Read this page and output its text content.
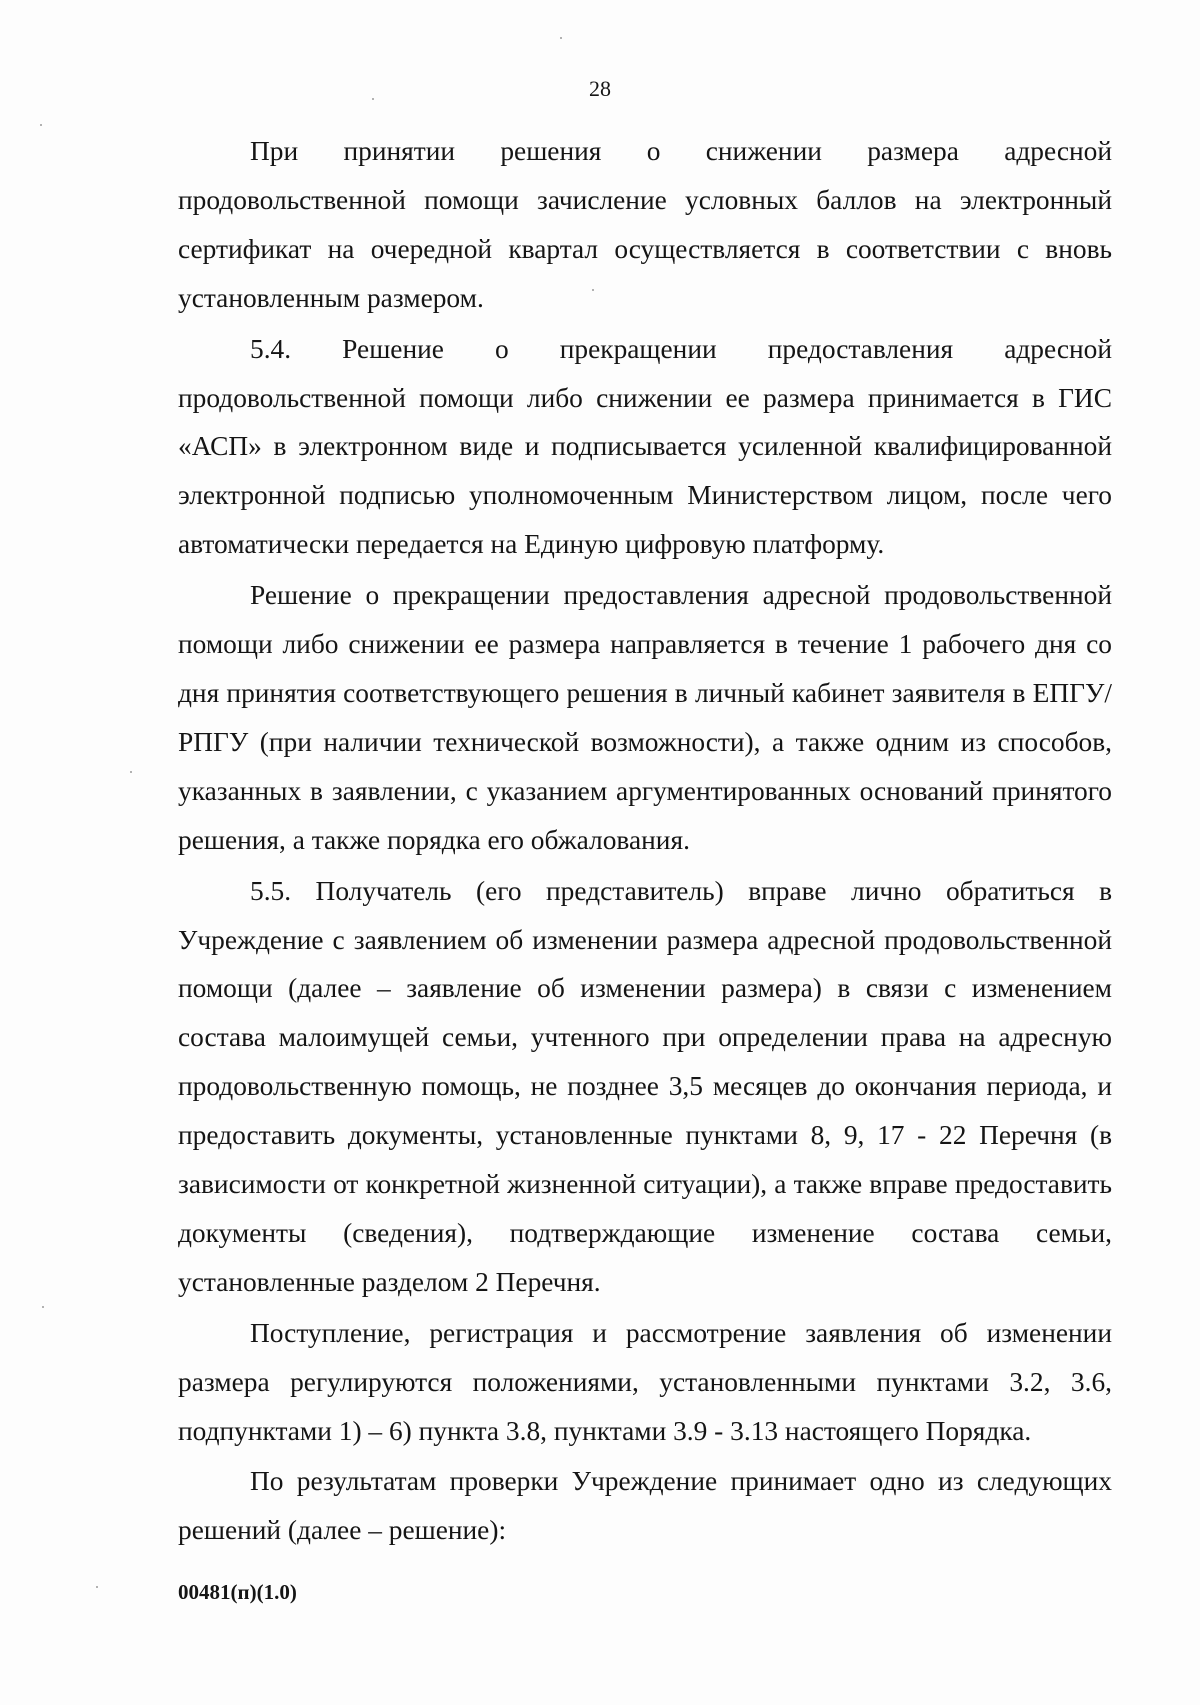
28

При принятии решения о снижении размера адресной продовольственной помощи зачисление условных баллов на электронный сертификат на очередной квартал осуществляется в соответствии с вновь установленным размером.

5.4. Решение о прекращении предоставления адресной продовольственной помощи либо снижении ее размера принимается в ГИС «АСП» в электронном виде и подписывается усиленной квалифицированной электронной подписью уполномоченным Министерством лицом, после чего автоматически передается на Единую цифровую платформу.

Решение о прекращении предоставления адресной продовольственной помощи либо снижении ее размера направляется в течение 1 рабочего дня со дня принятия соответствующего решения в личный кабинет заявителя в ЕПГУ/РПГУ (при наличии технической возможности), а также одним из способов, указанных в заявлении, с указанием аргументированных оснований принятого решения, а также порядка его обжалования.

5.5. Получатель (его представитель) вправе лично обратиться в Учреждение с заявлением об изменении размера адресной продовольственной помощи (далее – заявление об изменении размера) в связи с изменением состава малоимущей семьи, учтенного при определении права на адресную продовольственную помощь, не позднее 3,5 месяцев до окончания периода, и предоставить документы, установленные пунктами 8, 9, 17 - 22 Перечня (в зависимости от конкретной жизненной ситуации), а также вправе предоставить документы (сведения), подтверждающие изменение состава семьи, установленные разделом 2 Перечня.

Поступление, регистрация и рассмотрение заявления об изменении размера регулируются положениями, установленными пунктами 3.2, 3.6, подпунктами 1) – 6) пункта 3.8, пунктами 3.9 - 3.13 настоящего Порядка.

По результатам проверки Учреждение принимает одно из следующих решений (далее – решение):

00481(п)(1.0)
